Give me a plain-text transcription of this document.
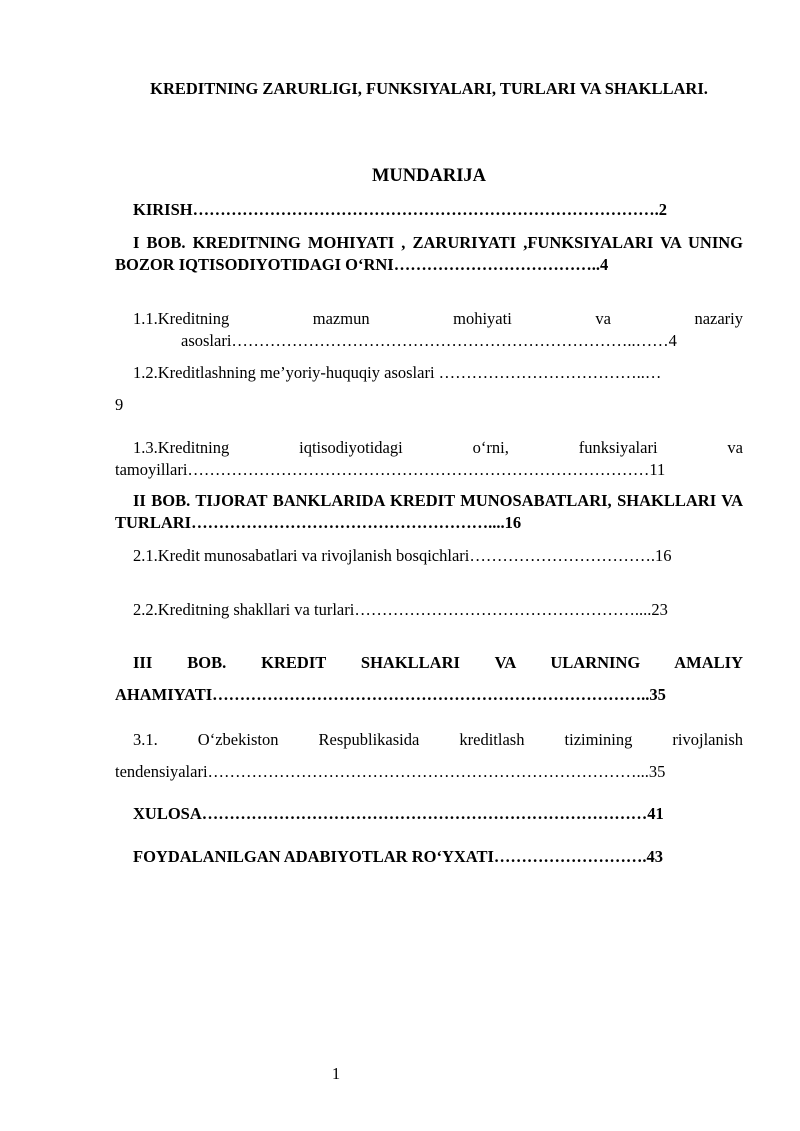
KREDITNING ZARURLIGI, FUNKSIYALARI, TURLARI VA SHAKLLARI.
MUNDARIJA
KIRISH………………………………………………………………………….2
I BOB. KREDITNING MOHIYATI , ZARURIYATI ,FUNKSIYALARI VA UNING BOZOR IQTISODIYOTIDAGI O‘RNI………………………………..4
1.1.Kreditning mazmun mohiyati va nazariy asoslari………………………………………………………………..……4
1.2.Kreditlashning me’yoriy-huquqiy asoslari ………………………………..…
9
1.3.Kreditning iqtisodiyotidagi o‘rni, funksiyalari va tamoyillari…………………………………………………………………………11
II BOB. TIJORAT BANKLARIDA KREDIT MUNOSABATLARI, SHAKLLARI VA TURLARI………………………………………………....16
2.1.Kredit munosabatlari va rivojlanish bosqichlari…………………………….16
2.2.Kreditning shakllari va turlari……………………………………………....23
III BOB. KREDIT SHAKLLARI VA ULARNING AMALIY AHAMIYATI……………………………………………………………………..35
3.1. O‘zbekiston Respublikasida kreditlash tizimining rivojlanish tendensiyalari……………………………………………………………………...35
XULOSA………………………………………………………………………41
FOYDALANILGAN ADABIYOTLAR RO‘YXATI……………………….43
1
